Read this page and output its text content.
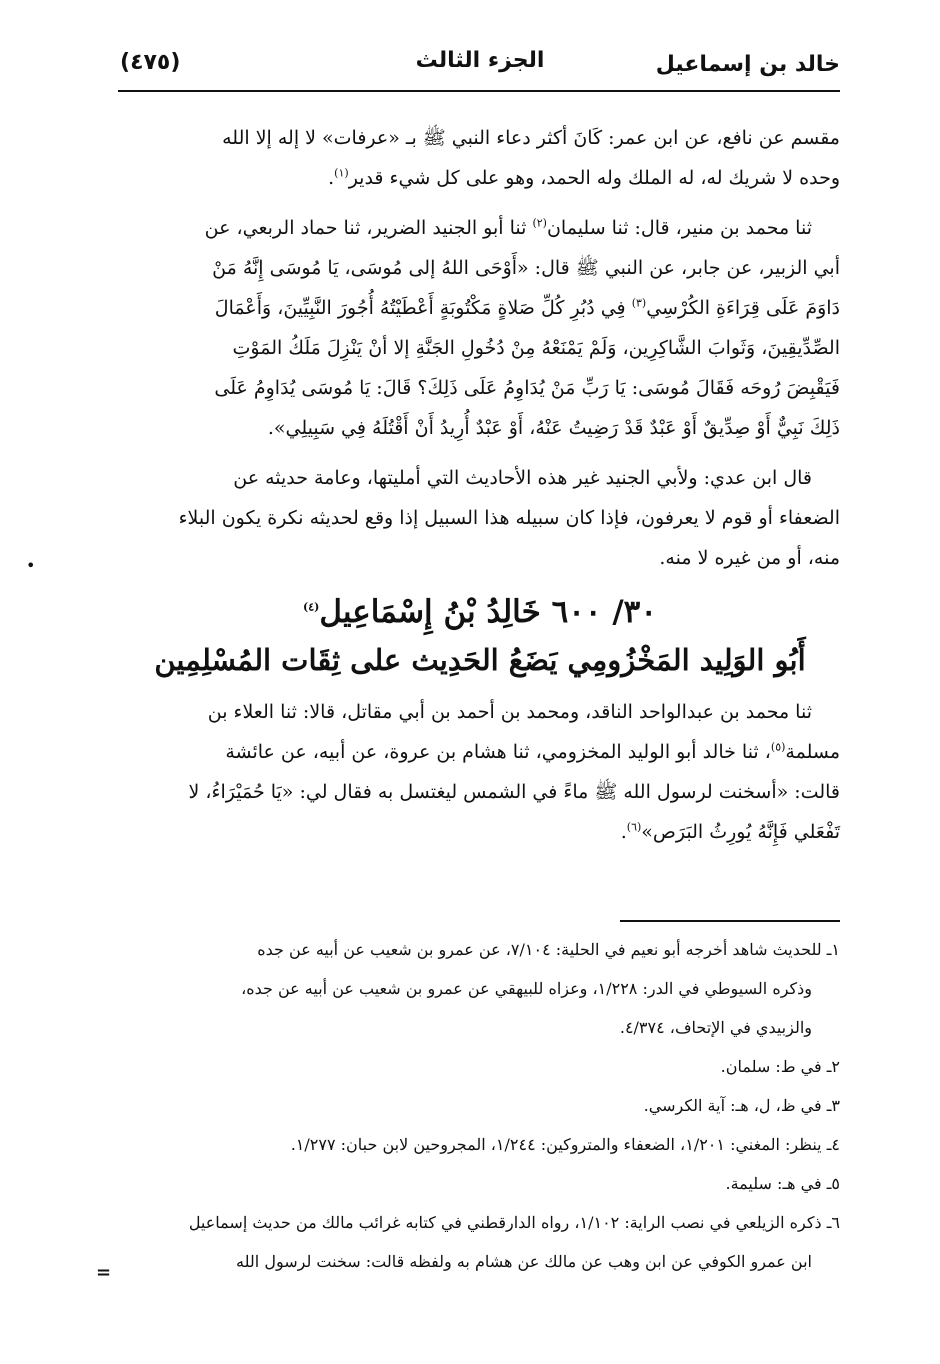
خالد بن إسماعيل
الجزء الثالث
(٤٧٥)

مقسم عن نافع، عن ابن عمر: كَانَ أكثر دعاء النبي ﷺ بـ «عرفات» لا إله إلا الله
وحده لا شريك له، له الملك وله الحمد، وهو على كل شيء قدير$^{(١)}$.

ثنا محمد بن منير، قال: ثنا سليمان$^{(٢)}$ ثنا أبو الجنيد الضرير، ثنا حماد الربعي، عن
أبي الزبير، عن جابر، عن النبي ﷺ قال: «أَوْحَى اللهُ إلى مُوسَى، يَا مُوسَى إِنَّهُ مَنْ
دَاوَمَ عَلَى قِرَاءَةِ الكُرْسِي$^{(٣)}$ فِي دُبُرِ كُلِّ صَلاةٍ مَكْتُوبَةٍ أَعْطَيْتُهُ أُجُورَ النَّبِيِّينَ، وَأَعْمَالَ
الصِّدِّيقِينَ، وَثَوابَ الشَّاكِرِين، وَلَمْ يَمْنَعْهُ مِنْ دُخُولِ الجَنَّةِ إلا أنْ يَنْزِلَ مَلَكُ المَوْتِ
فَيَقْبِضَ رُوحَه فَقَالَ مُوسَى: يَا رَبِّ مَنْ يُدَاوِمُ عَلَى ذَلِكَ؟ قَالَ: يَا مُوسَى يُدَاوِمُ عَلَى
ذَلِكَ نَبِيٌّ أَوْ صِدِّيقٌ أَوْ عَبْدٌ قَدْ رَضِيتُ عَنْهُ، أَوْ عَبْدٌ أُرِيدُ أَنْ أَقْتُلَهُ فِي سَبِيلِي».

قال ابن عدي: ولأبي الجنيد غير هذه الأحاديث التي أمليتها، وعامة حديثه عن
الضعفاء أو قوم لا يعرفون، فإذا كان سبيله هذا السبيل إذا وقع لحديثه نكرة يكون البلاء
منه، أو من غيره لا منه.

٣٠/ ٦٠٠ خَالِدُ بْنُ إِسْمَاعِيل$^{(٤)}$
أَبُو الوَلِيد المَخْزُومِي يَضَعُ الحَدِيث على ثِقَات المُسْلِمِين

ثنا محمد بن عبدالواحد الناقد، ومحمد بن أحمد بن أبي مقاتل، قالا: ثنا العلاء بن
مسلمة$^{(٥)}$، ثنا خالد أبو الوليد المخزومي، ثنا هشام بن عروة، عن أبيه، عن عائشة
قالت: «أسخنت لرسول الله ﷺ ماءً في الشمس ليغتسل به فقال لي: «يَا حُمَيْرَاءُ، لا
تَفْعَلي فَإِنَّهُ يُورِثُ البَرَص»$^{(٦)}$.

•

١ـ للحديث شاهد أخرجه أبو نعيم في الحلية: ٧/١٠٤، عن عمرو بن شعيب عن أبيه عن جده
وذكره السيوطي في الدر: ١/٢٢٨، وعزاه للبيهقي عن عمرو بن شعيب عن أبيه عن جده،
والزبيدي في الإتحاف، ٤/٣٧٤.

٢ـ في ط: سلمان.

٣ـ في ظ، ل، هـ: آية الكرسي.

٤ـ ينظر: المغني: ١/٢٠١، الضعفاء والمتروكين: ١/٢٤٤، المجروحين لابن حبان: ١/٢٧٧.

٥ـ في هـ: سليمة.

٦ـ ذكره الزيلعي في نصب الراية: ١/١٠٢، رواه الدارقطني في كتابه غرائب مالك من حديث إسماعيل
ابن عمرو الكوفي عن ابن وهب عن مالك عن هشام به ولفظه قالت: سخنت لرسول الله

=
